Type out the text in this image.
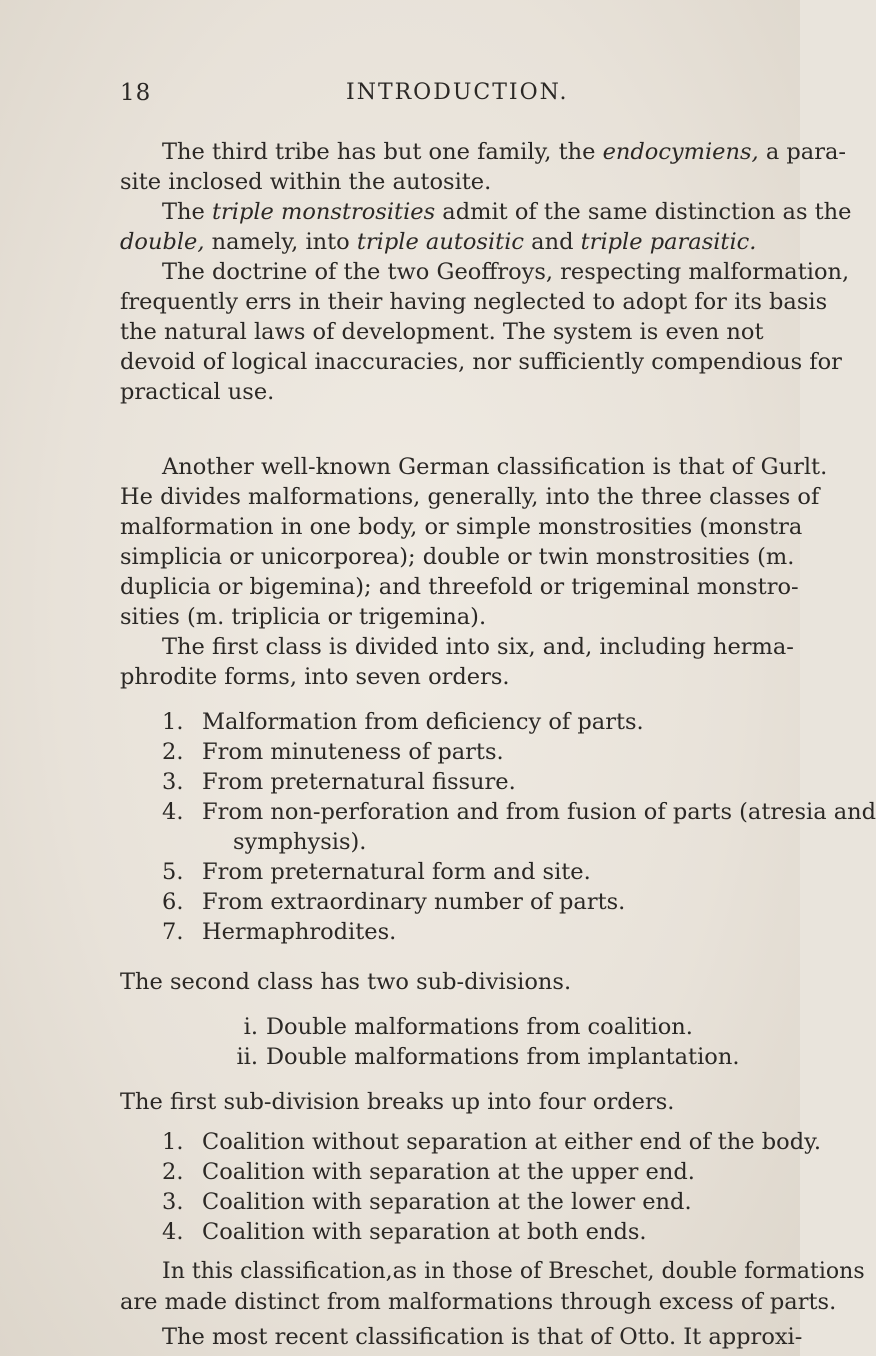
18	INTRODUCTION.
The third tribe has but one family, the endocymiens, a para-
site inclosed within the autosite.
The triple monstrosities admit of the same distinction as the
double, namely, into triple autositic and triple parasitic.
The doctrine of the two Geoffroys, respecting malformation,
frequently errs in their having neglected to adopt for its basis
the natural laws of development. The system is even not
devoid of logical inaccuracies, nor sufficiently compendious for
practical use.
Another well-known German classification is that of Gurlt.
He divides malformations, generally, into the three classes of
malformation in one body, or simple monstrosities (monstra
simplicia or unicorporea); double or twin monstrosities (m.
duplicia or bigemina); and threefold or trigeminal monstro-
sities (m. triplicia or trigemina).
The first class is divided into six, and, including herma-
phrodite forms, into seven orders.
1. Malformation from deficiency of parts.
2. From minuteness of parts.
3. From preternatural fissure.
4. From non-perforation and from fusion of parts (atresia and
symphysis).
5. From preternatural form and site.
6. From extraordinary number of parts.
7. Hermaphrodites.
The second class has two sub-divisions.
i. Double malformations from coalition.
ii. Double malformations from implantation.
The first sub-division breaks up into four orders.
1. Coalition without separation at either end of the body.
2. Coalition with separation at the upper end.
3. Coalition with separation at the lower end.
4. Coalition with separation at both ends.
In this classification,as in those of Breschet, double formations
are made distinct from malformations through excess of parts.
The most recent classification is that of Otto. It approxi-
